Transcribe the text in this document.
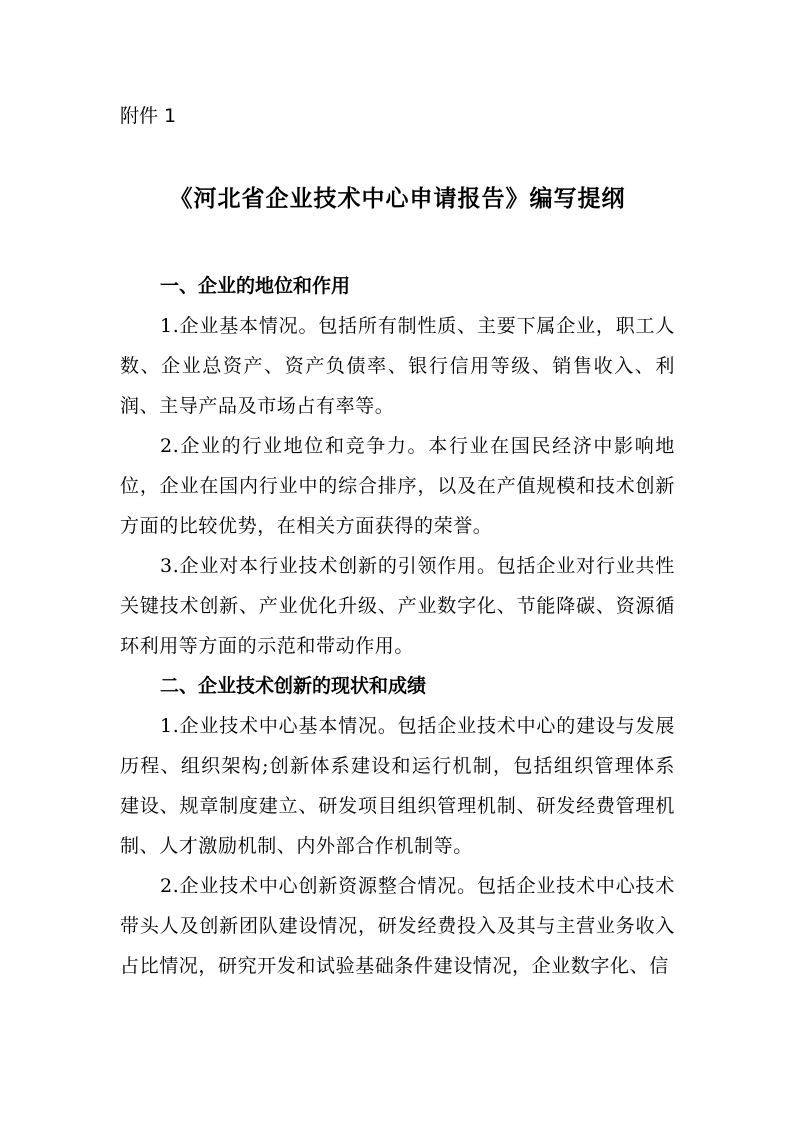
附件 1
《河北省企业技术中心申请报告》编写提纲
一、企业的地位和作用

1.企业基本情况。包括所有制性质、主要下属企业，职工人数、企业总资产、资产负债率、银行信用等级、销售收入、利润、主导产品及市场占有率等。

2.企业的行业地位和竞争力。本行业在国民经济中影响地位，企业在国内行业中的综合排序，以及在产值规模和技术创新方面的比较优势，在相关方面获得的荣誉。

3.企业对本行业技术创新的引领作用。包括企业对行业共性关键技术创新、产业优化升级、产业数字化、节能降碳、资源循环利用等方面的示范和带动作用。

二、企业技术创新的现状和成绩

1.企业技术中心基本情况。包括企业技术中心的建设与发展历程、组织架构;创新体系建设和运行机制，包括组织管理体系建设、规章制度建立、研发项目组织管理机制、研发经费管理机制、人才激励机制、内外部合作机制等。

2.企业技术中心创新资源整合情况。包括企业技术中心技术带头人及创新团队建设情况，研发经费投入及其与主营业务收入占比情况，研究开发和试验基础条件建设情况，企业数字化、信
